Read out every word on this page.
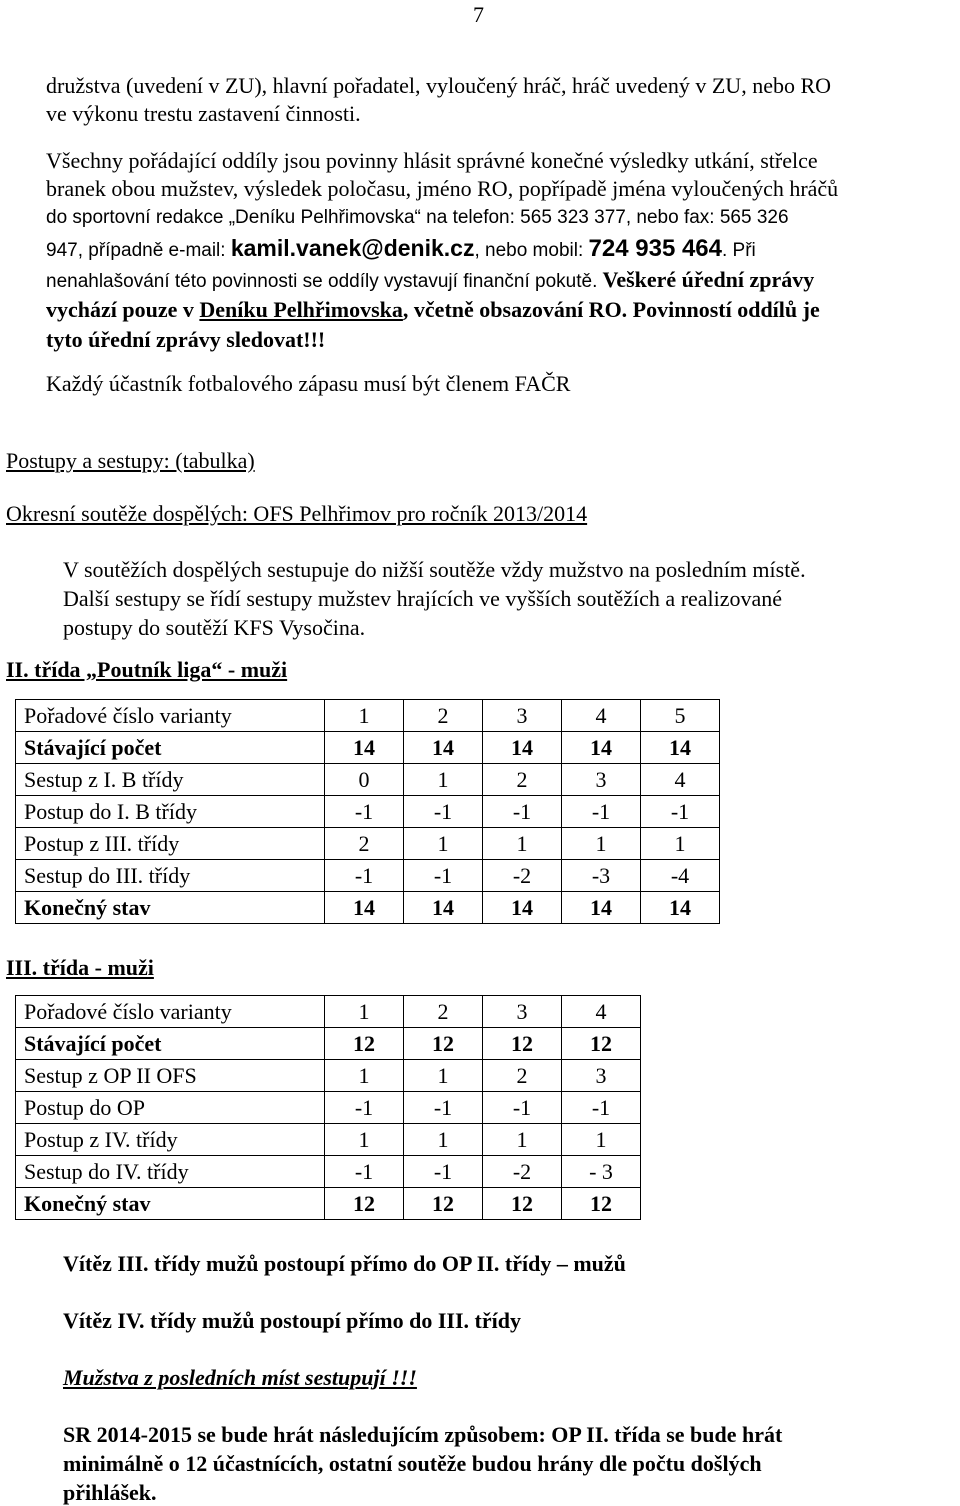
7

družstva (uvedení v ZU), hlavní pořadatel, vyloučený hráč, hráč uvedený v ZU, nebo RO

ve výkonu trestu zastavení činnosti.

Všechny pořádající oddíly jsou povinny hlásit správné konečné výsledky utkání, střelce

branek obou mužstev, výsledek poločasu, jméno RO, popřípadě jména vyloučených hráčů

do sportovní redakce „Deníku Pelhřimovska“ na telefon: 565 323 377, nebo fax: 565 326

947, případně e-mail: kamil.vanek@denik.cz, nebo mobil: 724 935 464. Při

nenahlašování této povinnosti se oddíly vystavují finanční pokutě. Veškeré úřední zprávy

vychází pouze v Deníku Pelhřimovska, včetně obsazování RO. Povinností oddílů je

tyto úřední zprávy sledovat!!!

Každý účastník fotbalového zápasu musí být členem FAČR

Postupy a sestupy: (tabulka)

Okresní soutěže dospělých: OFS Pelhřimov pro ročník 2013/2014

V soutěžích dospělých sestupuje do nižší soutěže vždy mužstvo na posledním místě.

Další sestupy se řídí sestupy mužstev hrajících ve vyšších soutěžích a realizované

postupy do soutěží KFS Vysočina.

II. třída „Poutník liga“ - muži

Pořadové číslo varianty	1	2	3	4	5
Stávající počet	14	14	14	14	14
Sestup z I. B třídy	0	1	2	3	4
Postup do I. B třídy	-1	-1	-1	-1	-1
Postup z III. třídy	2	1	1	1	1
Sestup do III. třídy	-1	-1	-2	-3	-4
Konečný stav	14	14	14	14	14

III. třída - muži

Pořadové číslo varianty	1	2	3	4
Stávající počet	12	12	12	12
Sestup z OP II OFS	1	1	2	3
Postup do OP	-1	-1	-1	-1
Postup z IV. třídy	1	1	1	1
Sestup do IV. třídy	-1	-1	-2	- 3
Konečný stav	12	12	12	12

Vítěz III. třídy mužů postoupí přímo do OP II. třídy – mužů

Vítěz IV. třídy mužů postoupí přímo do III. třídy

Mužstva z posledních míst sestupují !!!

SR 2014-2015 se bude hrát následujícím způsobem: OP II. třída se bude hrát

minimálně o 12 účastnících, ostatní soutěže budou hrány dle počtu došlých

přihlášek.
